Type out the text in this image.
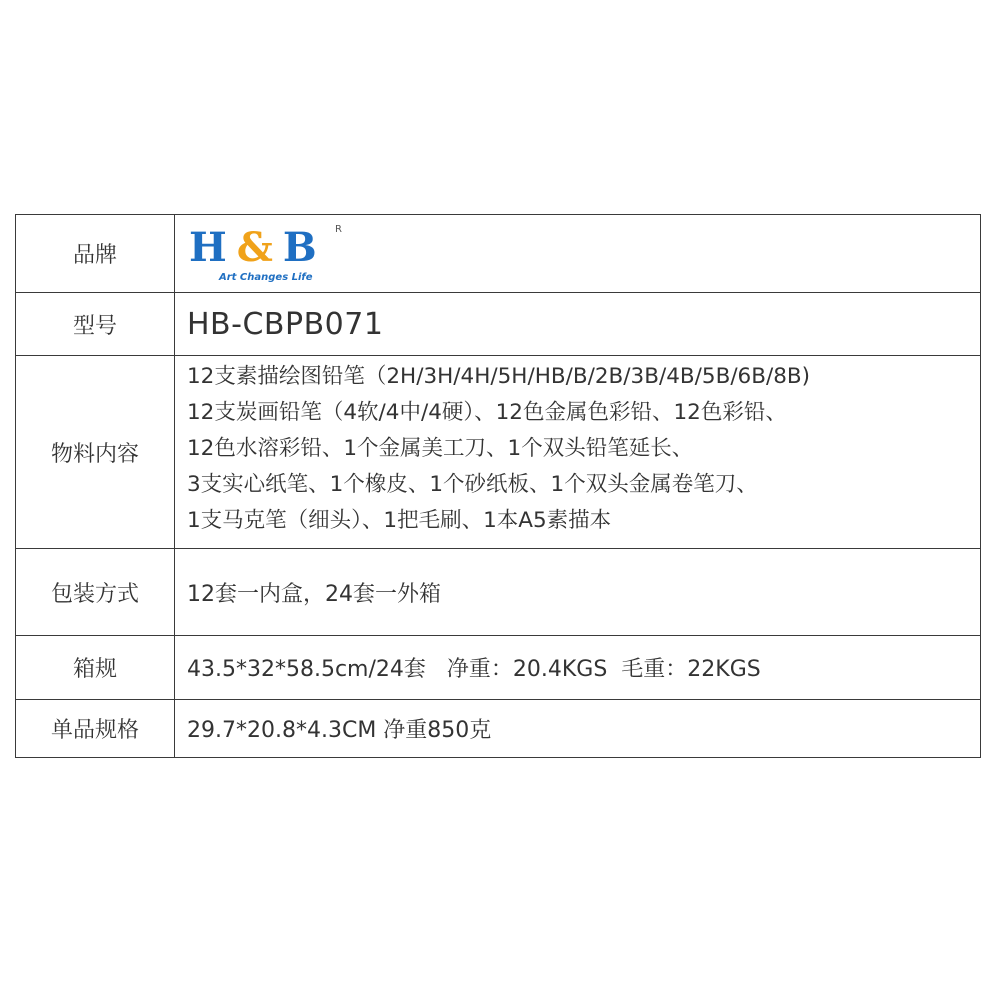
品牌	H & B R
Art Changes Life

型号	HB-CBPB071
物料内容	12支素描绘图铅笔（2H/3H/4H/5H/HB/B/2B/3B/4B/5B/6B/8B)
12支炭画铅笔（4软/4中/4硬）、12色金属色彩铅、12色彩铅、
12色水溶彩铅、1个金属美工刀、1个双头铅笔延长、
3支实心纸笔、1个橡皮、1个砂纸板、1个双头金属卷笔刀、
1支马克笔（细头）、1把毛刷、1本A5素描本

包装方式	12套一内盒，24套一外箱
箱规	43.5*32*58.5cm/24套   净重：20.4KGS  毛重：22KGS
单品规格	29.7*20.8*4.3CM 净重850克
